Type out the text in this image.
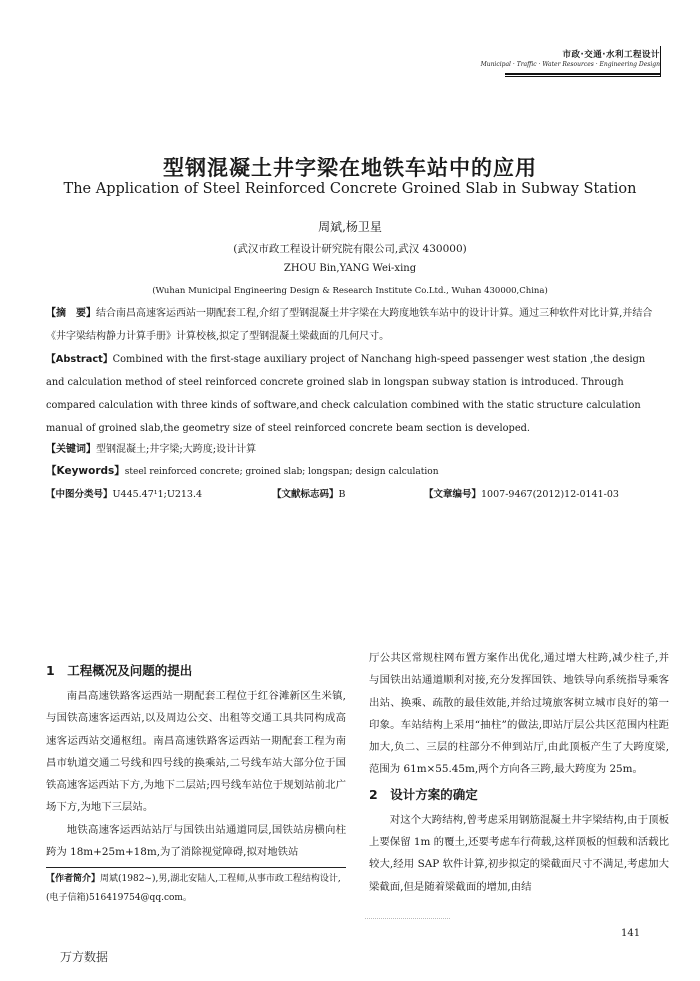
市政·交通·水利工程设计
Municipal · Traffic · Water Resources · Engineering Design
型钢混凝土井字梁在地铁车站中的应用
The Application of Steel Reinforced Concrete Groined Slab in Subway Station
周斌,杨卫星
(武汉市政工程设计研究院有限公司,武汉 430000)
ZHOU Bin,YANG Wei-xing
(Wuhan Municipal Engineering Design & Research Institute Co.Ltd., Wuhan 430000,China)
【摘　要】结合南昌高速客运西站一期配套工程,介绍了型钢混凝土井字梁在大跨度地铁车站中的设计计算。通过三种软件对比计算,并结合《井字梁结构静力计算手册》计算校核,拟定了型钢混凝土梁截面的几何尺寸。
【Abstract】Combined with the first-stage auxiliary project of Nanchang high-speed passenger west station ,the design and calculation method of steel reinforced concrete groined slab in longspan subway station is introduced. Through compared calculation with three kinds of software,and check calculation combined with the static structure calculation manual of groined slab,the geometry size of steel reinforced concrete beam section is developed.
【关键词】型钢混凝土;井字梁;大跨度;设计计算
【Keywords】steel reinforced concrete; groined slab; longspan; design calculation
【中图分类号】U445.47¹1;U213.4	【文献标志码】B	【文章编号】1007-9467(2012)12-0141-03
1　工程概况及问题的提出

南昌高速铁路客运西站一期配套工程位于红谷滩新区生米镇,与国铁高速客运西站,以及周边公交、出租等交通工具共同构成高速客运西站交通枢纽。南昌高速铁路客运西站一期配套工程为南昌市轨道交通二号线和四号线的换乘站,二号线车站大部分位于国铁高速客运西站下方,为地下二层站;四号线车站位于规划站前北广场下方,为地下三层站。

地铁高速客运西站站厅与国铁出站通道同层,国铁站房横向柱跨为 18m+25m+18m,为了消除视觉障碍,拟对地铁站

【作者简介】周斌(1982~),男,湖北安陆人,工程师,从事市政工程结构设计,(电子信箱)516419754@qq.com。

厅公共区常规柱网布置方案作出优化,通过增大柱跨,减少柱子,并与国铁出站通道顺利对接,充分发挥国铁、地铁导向系统指导乘客出站、换乘、疏散的最佳效能,并给过境旅客树立城市良好的第一印象。车站结构上采用“抽柱”的做法,即站厅层公共区范围内柱距加大,负二、三层的柱部分不伸到站厅,由此顶板产生了大跨度梁,范围为 61m×55.45m,两个方向各三跨,最大跨度为 25m。

2　设计方案的确定

对这个大跨结构,曾考虑采用钢筋混凝土井字梁结构,由于顶板上要保留 1m 的覆土,还要考虑车行荷载,这样顶板的恒载和活载比较大,经用 SAP 软件计算,初步拟定的梁截面尺寸不满足,考虑加大梁截面,但是随着梁截面的增加,由结

141
万方数据
